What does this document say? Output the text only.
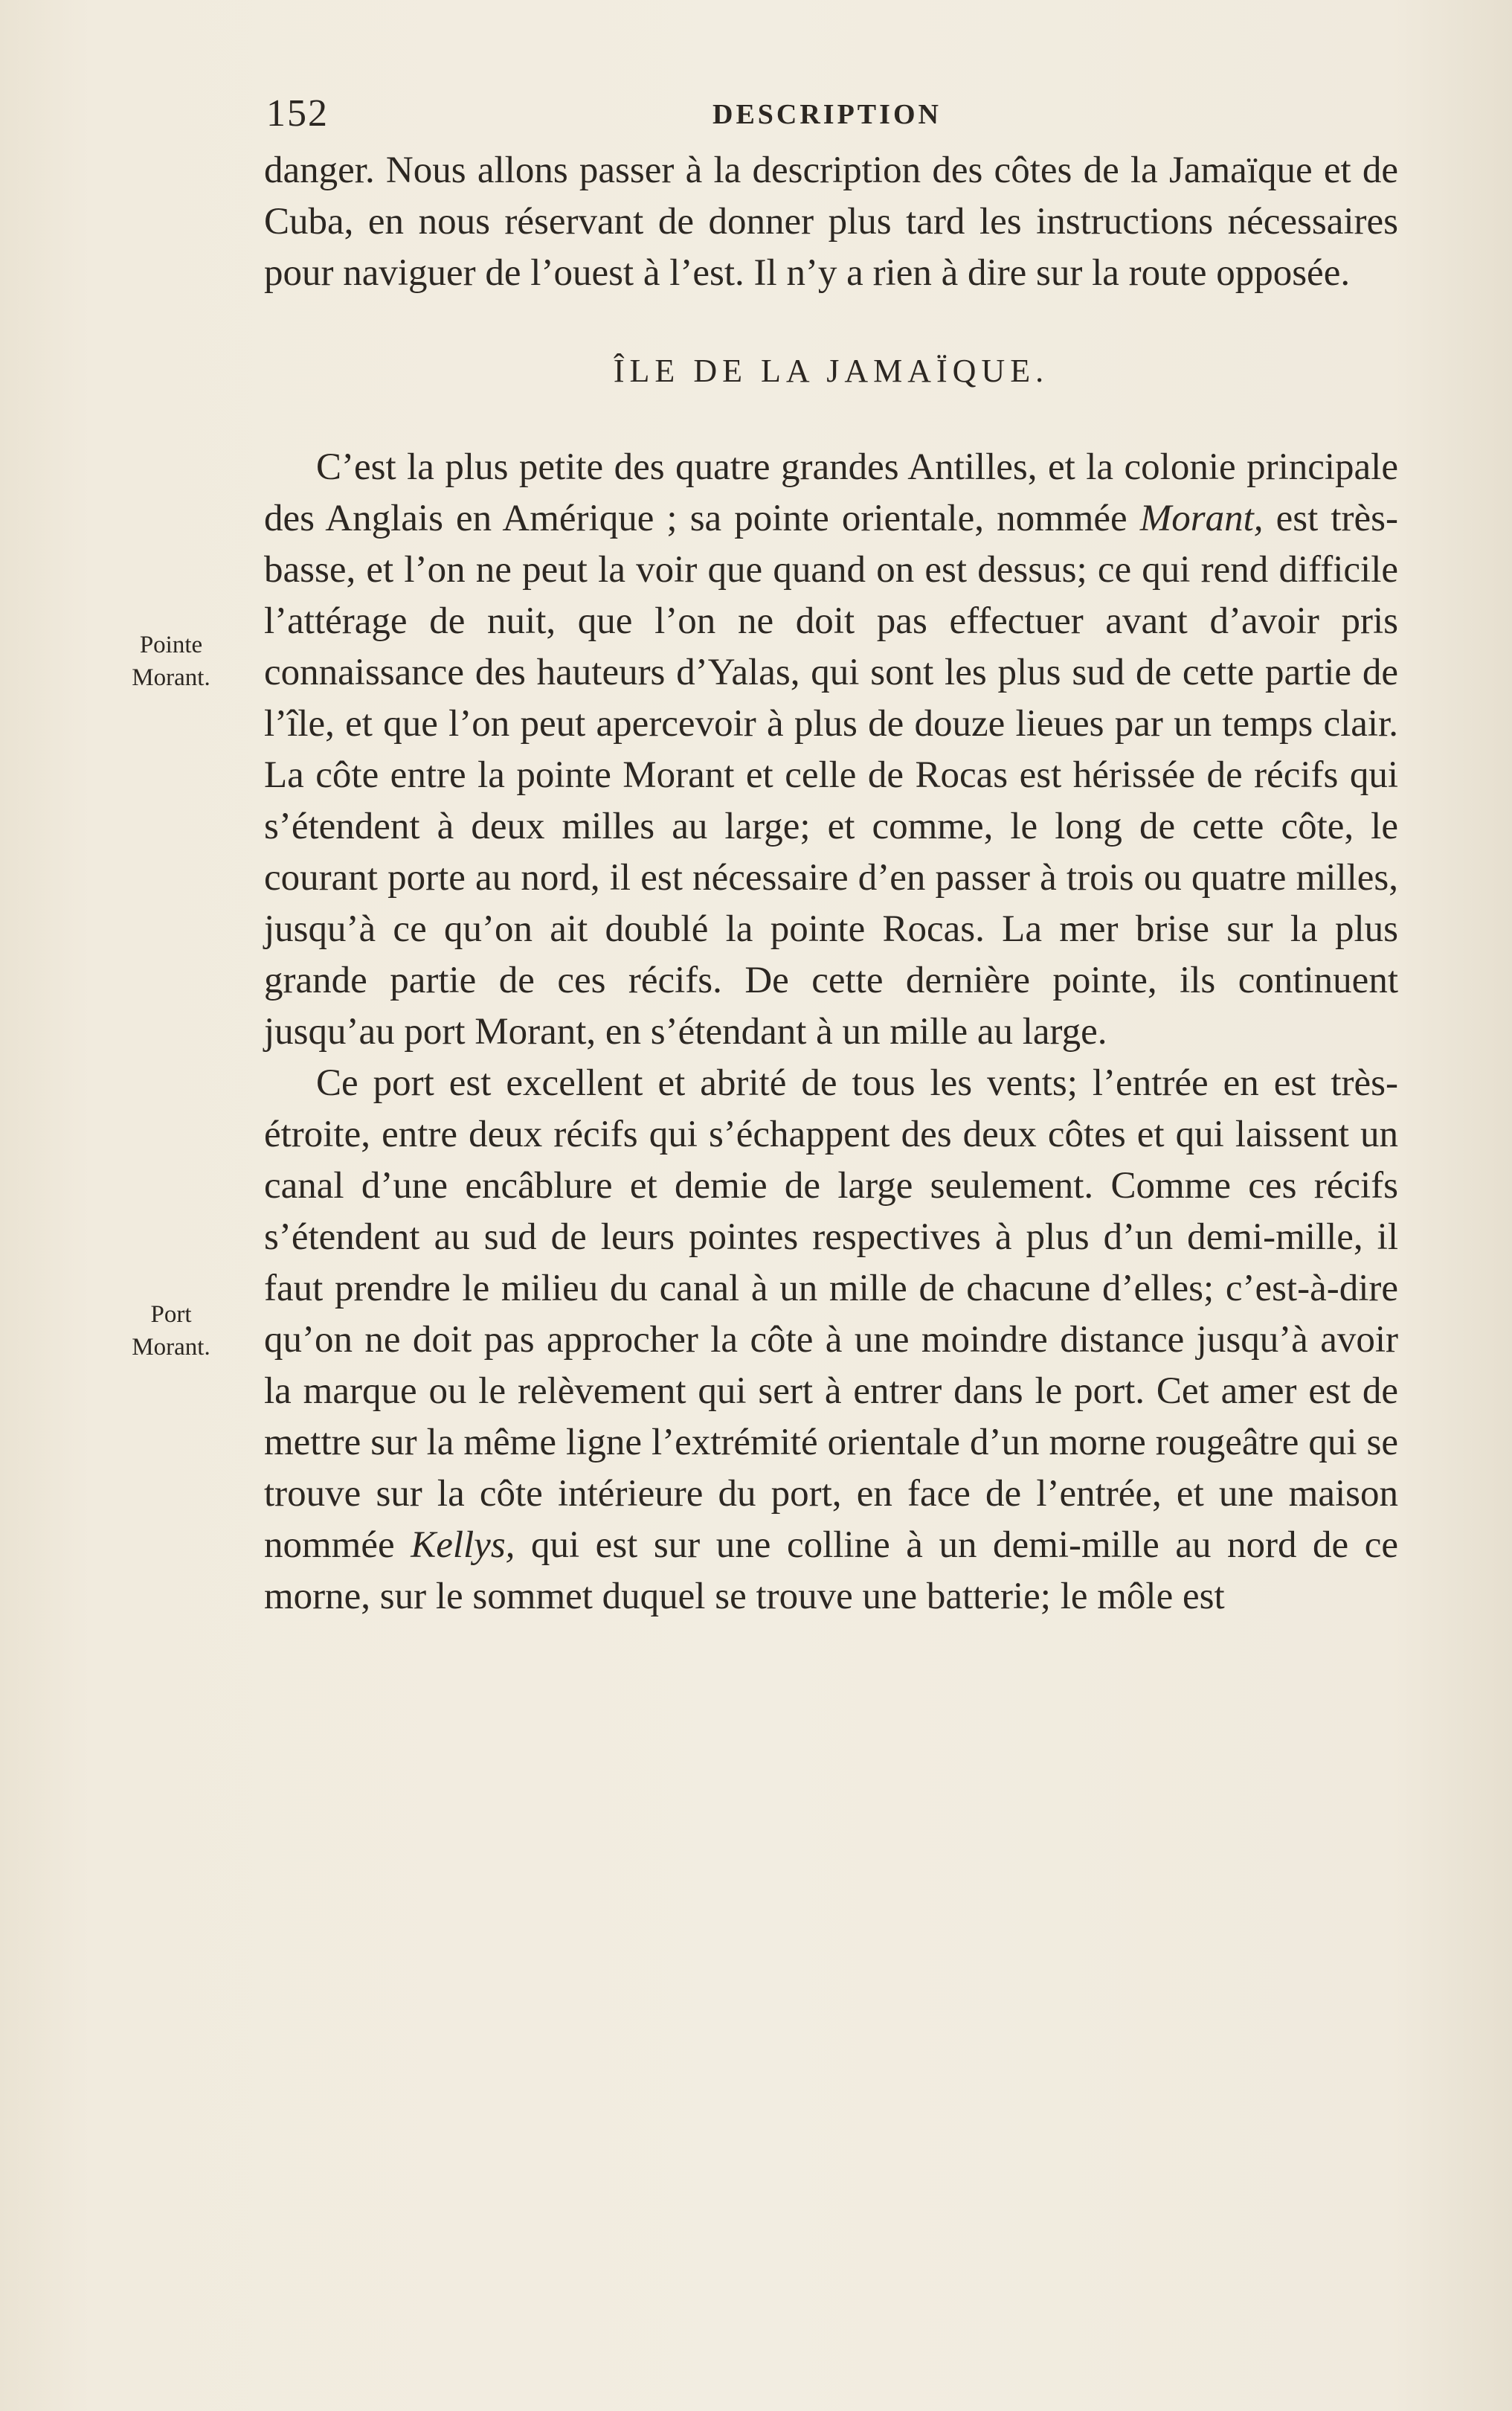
152	DESCRIPTION
Pointe
Morant.
Port
Morant.

danger. Nous allons passer à la description des côtes de la Jamaïque et de Cuba, en nous réservant de donner plus tard les instructions nécessaires pour naviguer de l’ouest à l’est. Il n’y a rien à dire sur la route opposée.

ÎLE DE LA JAMAÏQUE.

C’est la plus petite des quatre grandes Antilles, et la colonie principale des Anglais en Amérique ; sa pointe orientale, nommée Morant, est très-basse, et l’on ne peut la voir que quand on est dessus; ce qui rend difficile l’attérage de nuit, que l’on ne doit pas effectuer avant d’avoir pris connaissance des hauteurs d’Yalas, qui sont les plus sud de cette partie de l’île, et que l’on peut apercevoir à plus de douze lieues par un temps clair. La côte entre la pointe Morant et celle de Rocas est hérissée de récifs qui s’étendent à deux milles au large; et comme, le long de cette côte, le courant porte au nord, il est nécessaire d’en passer à trois ou quatre milles, jusqu’à ce qu’on ait doublé la pointe Rocas. La mer brise sur la plus grande partie de ces récifs. De cette dernière pointe, ils continuent jusqu’au port Morant, en s’étendant à un mille au large.

Ce port est excellent et abrité de tous les vents; l’entrée en est très-étroite, entre deux récifs qui s’échappent des deux côtes et qui laissent un canal d’une encâblure et demie de large seulement. Comme ces récifs s’étendent au sud de leurs pointes respectives à plus d’un demi-mille, il faut prendre le milieu du canal à un mille de chacune d’elles; c’est-à-dire qu’on ne doit pas approcher la côte à une moindre distance jusqu’à avoir la marque ou le relèvement qui sert à entrer dans le port. Cet amer est de mettre sur la même ligne l’extrémité orientale d’un morne rougeâtre qui se trouve sur la côte intérieure du port, en face de l’entrée, et une maison nommée Kellys, qui est sur une colline à un demi-mille au nord de ce morne, sur le sommet duquel se trouve une batterie; le môle est
